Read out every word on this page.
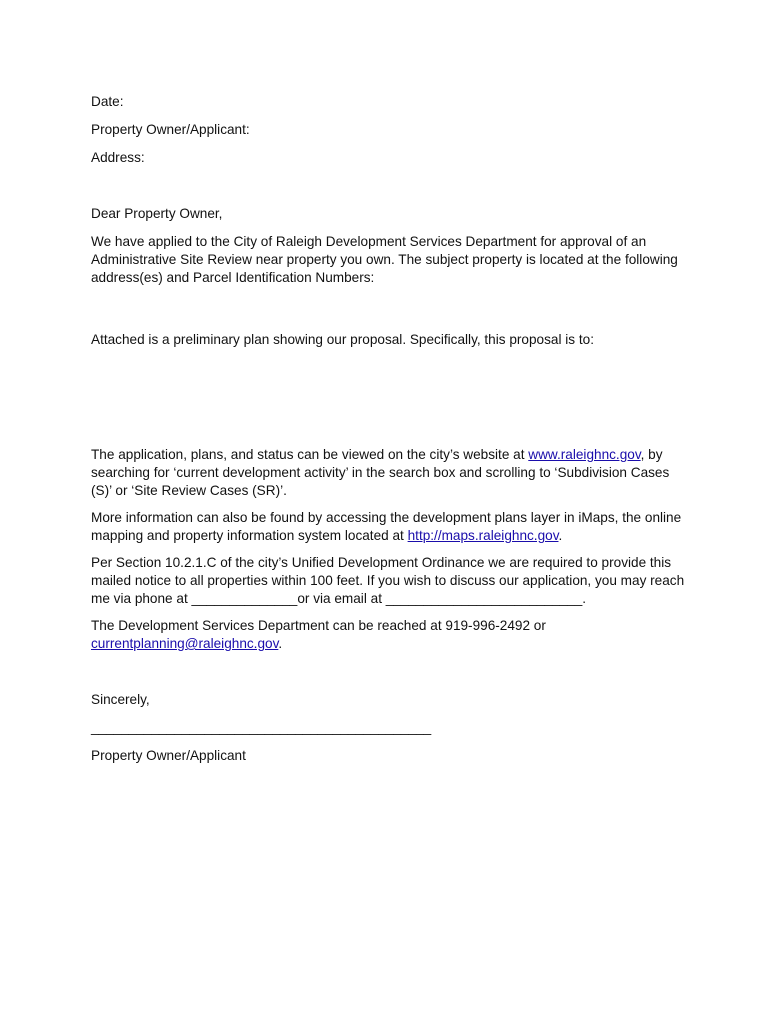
Date:

Property Owner/Applicant:

Address:

Dear Property Owner,

We have applied to the City of Raleigh Development Services Department for approval of an Administrative Site Review near property you own. The subject property is located at the following address(es) and Parcel Identification Numbers:

Attached is a preliminary plan showing our proposal. Specifically, this proposal is to:

The application, plans, and status can be viewed on the city’s website at www.raleighnc.gov, by searching for ‘current development activity’ in the search box and scrolling to ‘Subdivision Cases (S)’ or ‘Site Review Cases (SR)’.

More information can also be found by accessing the development plans layer in iMaps, the online mapping and property information system located at http://maps.raleighnc.gov.

Per Section 10.2.1.C of the city’s Unified Development Ordinance we are required to provide this mailed notice to all properties within 100 feet. If you wish to discuss our application, you may reach me via phone at ______________or via email at __________________________.

The Development Services Department can be reached at 919-996-2492 or currentplanning@raleighnc.gov.

Sincerely,

_____________________________________________

Property Owner/Applicant
